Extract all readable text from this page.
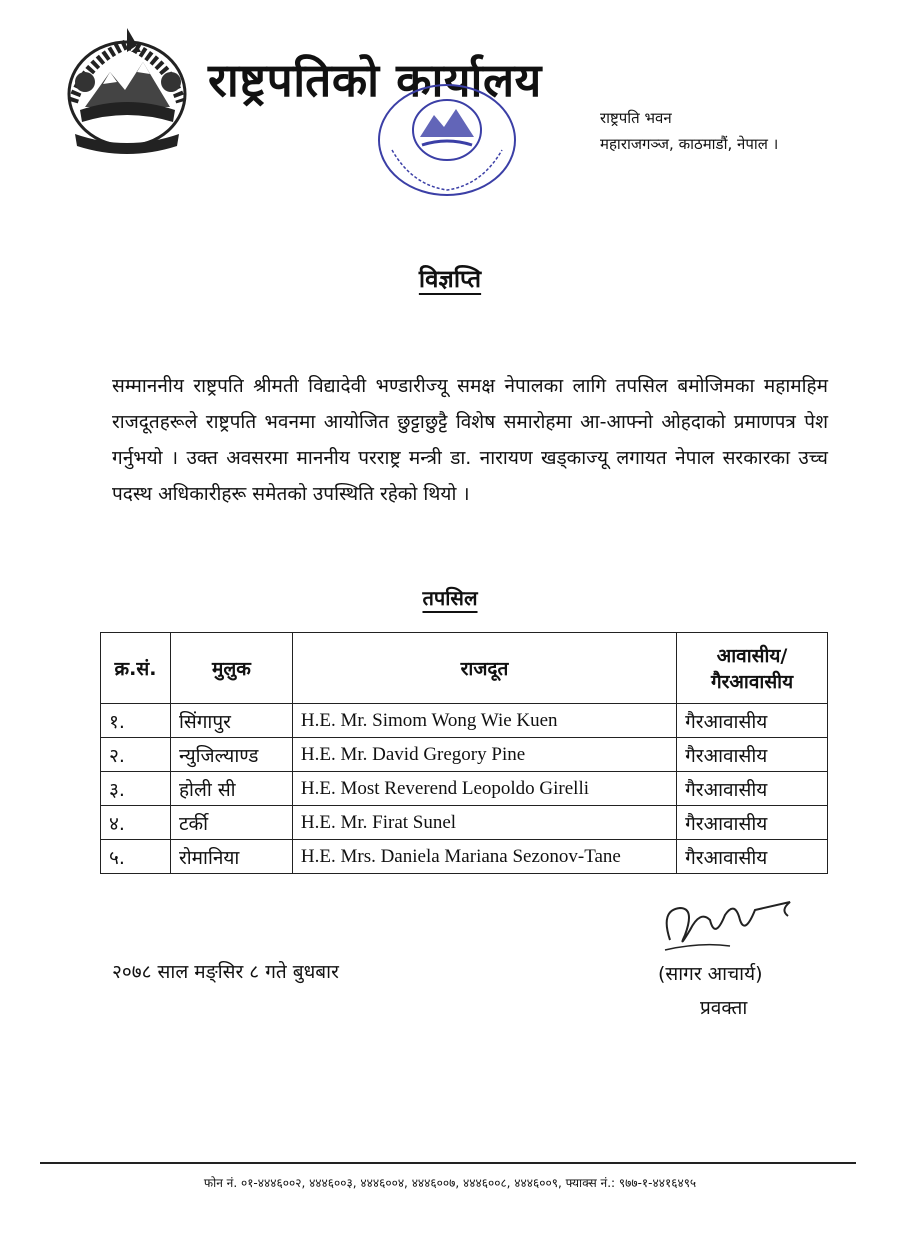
राष्ट्रपतिको कार्यालय
राष्ट्रपति भवन
महाराजगञ्ज, काठमाडौं, नेपाल ।
विज्ञप्ति
सम्माननीय राष्ट्रपति श्रीमती विद्यादेवी भण्डारीज्यू समक्ष नेपालका लागि तपसिल बमोजिमका महामहिम राजदूतहरूले राष्ट्रपति भवनमा आयोजित छुट्टाछुट्टै विशेष समारोहमा आ-आफ्नो ओहदाको प्रमाणपत्र पेश गर्नुभयो । उक्त अवसरमा माननीय परराष्ट्र मन्त्री डा. नारायण खड्काज्यू लगायत नेपाल सरकारका उच्च पदस्थ अधिकारीहरू समेतको उपस्थिति रहेको थियो ।
तपसिल
क्र.सं.	मुलुक	राजदूत	आवासीय/ गैरआवासीय
१.	सिंगापुर	H.E. Mr. Simom Wong Wie Kuen	गैरआवासीय
२.	न्युजिल्याण्ड	H.E. Mr. David Gregory Pine	गैरआवासीय
३.	होली सी	H.E. Most Reverend Leopoldo Girelli	गैरआवासीय
४.	टर्की	H.E. Mr. Firat Sunel	गैरआवासीय
५.	रोमानिया	H.E. Mrs. Daniela Mariana Sezonov-Tane	गैरआवासीय
२०७८ साल मङ्सिर ८ गते बुधबार	(सागर आचार्य)
प्रवक्ता
फोन नं. ०१-४४४६००२, ४४४६००३, ४४४६००४, ४४४६००७, ४४४६००८, ४४४६००९, फ्याक्स नं.: ९७७-१-४४१६४९५
